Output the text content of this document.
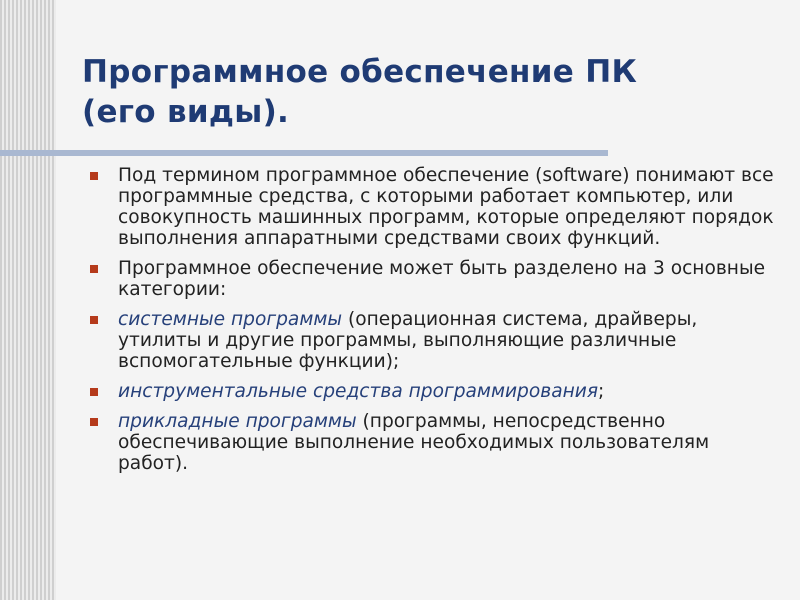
Программное обеспечение ПК
(его виды).
Под термином программное обеспечение (software) понимают все программные средства, с которыми работает компьютер, или совокупность машинных программ, которые определяют порядок выполнения аппаратными средствами своих функций.
Программное обеспечение может быть разделено на 3 основные категории:
системные программы (операционная система, драйверы, утилиты и другие программы, выполняющие различные вспомогательные функции);
инструментальные средства программирования;
прикладные программы (программы, непосредственно обеспечивающие выполнение необходимых пользователям работ).
